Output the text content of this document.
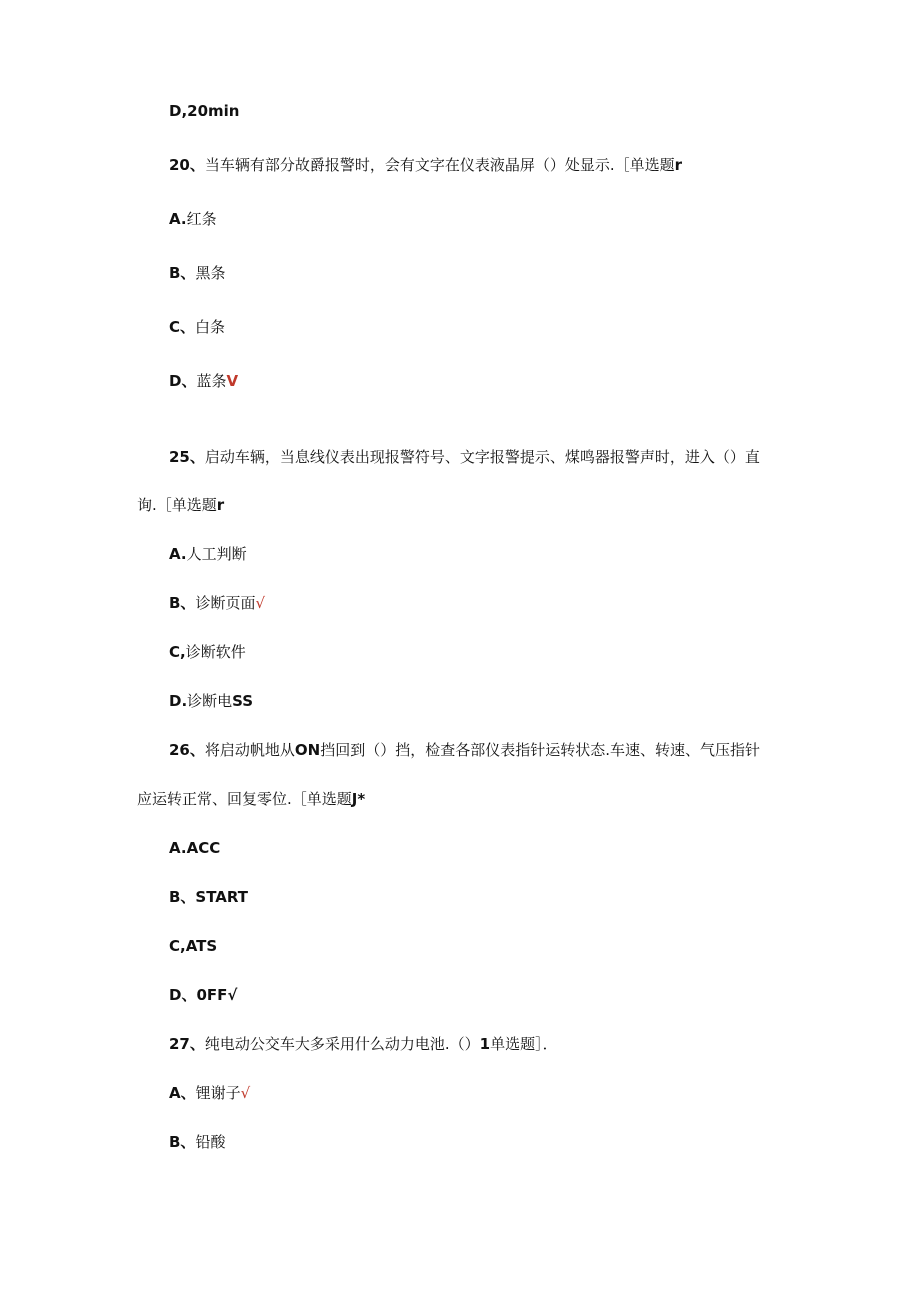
D,20min
20、当车辆有部分故爵报警时，会有文字在仪表液晶屏（）处显示.［单选题r
A.红条
B、黑条
C、白条
D、蓝条V
25、启动车辆，当息线仪表出现报警符号、文字报警提示、煤鸣器报警声时，进入（）直
询.［单选题r
A.人工判断
B、诊断页面√
C,诊断软件
D.诊断电SS
26、将启动帆地从ON挡回到（）挡，检查各部仪表指针运转状态.车速、转速、气压指针
应运转正常、回复零位.［单选题J*
A.ACC
B、START
C,ATS
D、0FF√
27、纯电动公交车大多采用什么动力电池.（）1单选题］．
A、锂谢子√
B、铅酸
